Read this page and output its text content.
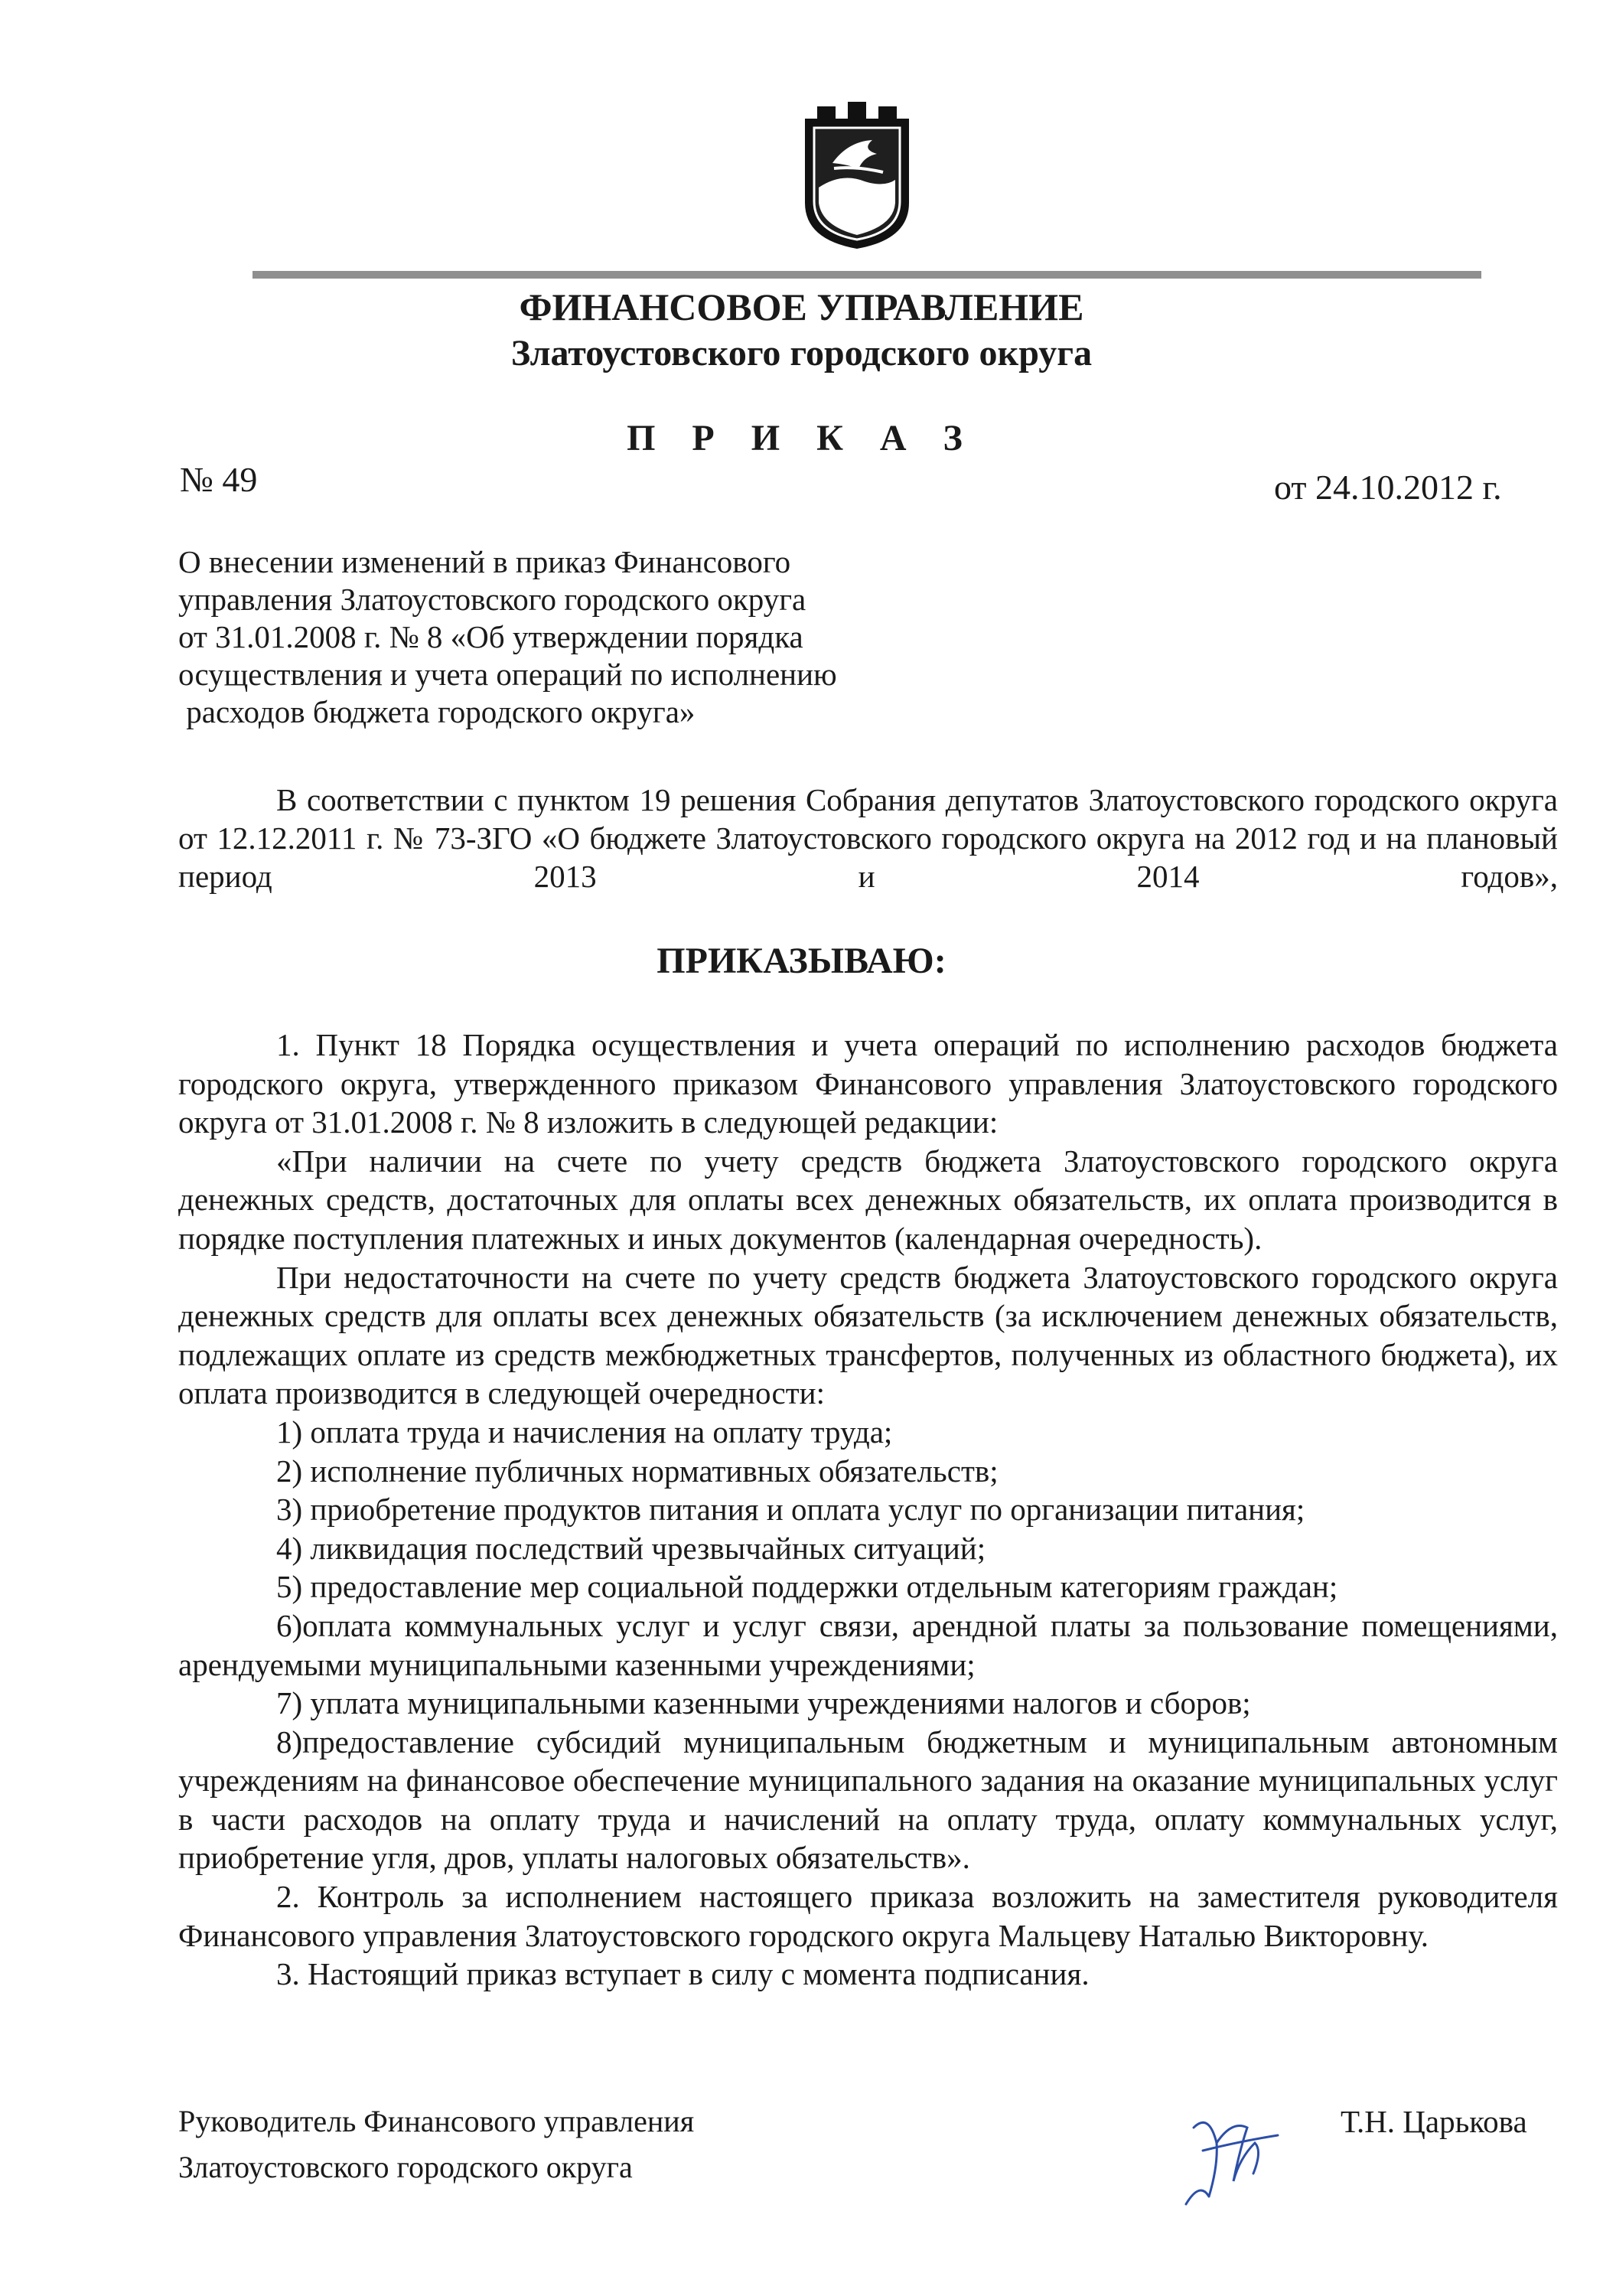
ФИНАНСОВОЕ УПРАВЛЕНИЕ
Златоустовского городского округа
П Р И К А З
№ 49	от 24.10.2012 г.
О внесении изменений в приказ Финансового
управления Златоустовского городского округа
от 31.01.2008 г. № 8 «Об утверждении порядка
осуществления и учета операций по исполнению
расходов бюджета городского округа»
В соответствии с пунктом 19 решения Собрания депутатов Златоустовского городского округа от 12.12.2011 г. № 73-ЗГО «О бюджете Златоустовского городского округа на 2012 год и на плановый период 2013 и 2014 годов»,
ПРИКАЗЫВАЮ:

1. Пункт 18 Порядка осуществления и учета операций по исполнению расходов бюджета городского округа, утвержденного приказом Финансового управления Златоустовского городского округа от 31.01.2008 г. № 8 изложить в следующей редакции:

«При наличии на счете по учету средств бюджета Златоустовского городского округа денежных средств, достаточных для оплаты всех денежных обязательств, их оплата производится в порядке поступления платежных и иных документов (календарная очередность).

При недостаточности на счете по учету средств бюджета Златоустовского городского округа денежных средств для оплаты всех денежных обязательств (за исключением денежных обязательств, подлежащих оплате из средств межбюджетных трансфертов, полученных из областного бюджета), их оплата производится в следующей очередности:

1) оплата труда и начисления на оплату труда;

2) исполнение публичных нормативных обязательств;

3) приобретение продуктов питания и оплата услуг по организации питания;

4) ликвидация последствий чрезвычайных ситуаций;

5) предоставление мер социальной поддержки отдельным категориям граждан;

6)оплата коммунальных услуг и услуг связи, арендной платы за пользование помещениями, арендуемыми муниципальными казенными учреждениями;

7) уплата муниципальными казенными учреждениями налогов и сборов;

8)предоставление субсидий муниципальным бюджетным и муниципальным автономным учреждениям на финансовое обеспечение муниципального задания на оказание муниципальных услуг в части расходов на оплату труда и начислений на оплату труда, оплату коммунальных услуг, приобретение угля, дров, уплаты налоговых обязательств».

2. Контроль за исполнением настоящего приказа возложить на заместителя руководителя Финансового управления Златоустовского городского округа Мальцеву Наталью Викторовну.

3. Настоящий приказ вступает в силу с момента подписания.

Руководитель Финансового управления
Златоустовского городского округа
Т.Н. Царькова
